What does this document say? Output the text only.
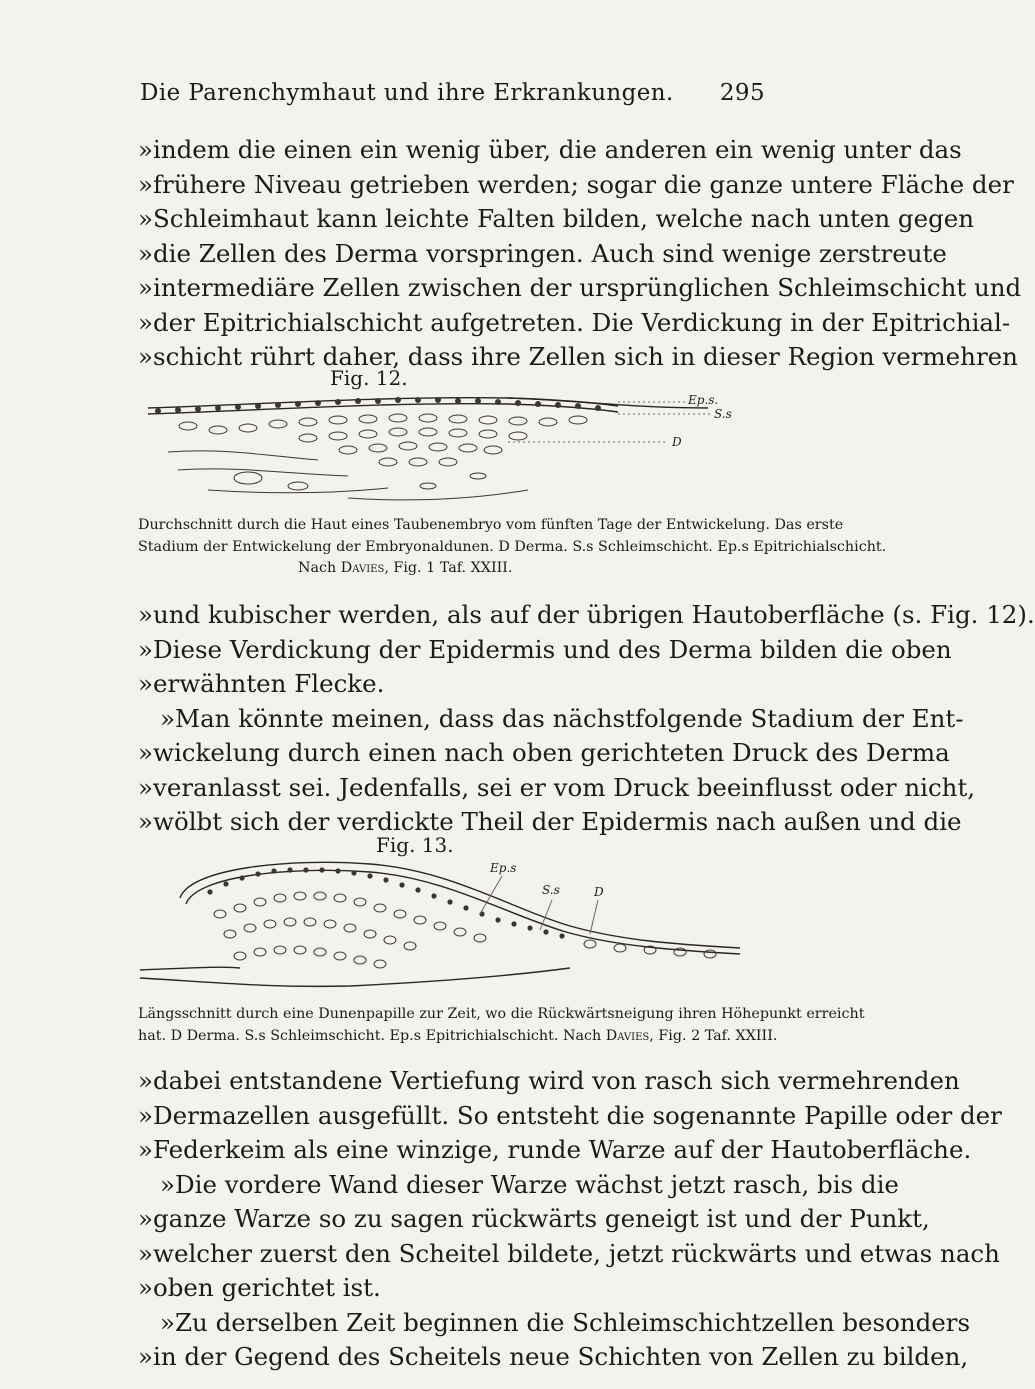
Die Parenchymhaut und ihre Erkrankungen. 295
»indem die einen ein wenig über, die anderen ein wenig unter das
»frühere Niveau getrieben werden; sogar die ganze untere Fläche der
»Schleimhaut kann leichte Falten bilden, welche nach unten gegen
»die Zellen des Derma vorspringen. Auch sind wenige zerstreute
»intermediäre Zellen zwischen der ursprünglichen Schleimschicht und
»der Epitrichialschicht aufgetreten. Die Verdickung in der Epitrichial-
»schicht rührt daher, dass ihre Zellen sich in dieser Region vermehren
Fig. 12.
Ep.s.
S.s
D
Durchschnitt durch die Haut eines Taubenembryo vom fünften Tage der Entwickelung. Das erste
Stadium der Entwickelung der Embryonaldunen. D Derma. S.s Schleimschicht. Ep.s Epitrichialschicht.
Nach Davies, Fig. 1 Taf. XXIII.
»und kubischer werden, als auf der übrigen Hautoberfläche (s. Fig. 12).
»Diese Verdickung der Epidermis und des Derma bilden die oben
»erwähnten Flecke.
»Man könnte meinen, dass das nächstfolgende Stadium der Ent-
»wickelung durch einen nach oben gerichteten Druck des Derma
»veranlasst sei. Jedenfalls, sei er vom Druck beeinflusst oder nicht,
»wölbt sich der verdickte Theil der Epidermis nach außen und die
Fig. 13.
Ep.s
S.s	D
Längsschnitt durch eine Dunenpapille zur Zeit, wo die Rückwärtsneigung ihren Höhepunkt erreicht
hat. D Derma. S.s Schleimschicht. Ep.s Epitrichialschicht. Nach Davies, Fig. 2 Taf. XXIII.
»dabei entstandene Vertiefung wird von rasch sich vermehrenden
»Dermazellen ausgefüllt. So entsteht die sogenannte Papille oder der
»Federkeim als eine winzige, runde Warze auf der Hautoberfläche.
»Die vordere Wand dieser Warze wächst jetzt rasch, bis die
»ganze Warze so zu sagen rückwärts geneigt ist und der Punkt,
»welcher zuerst den Scheitel bildete, jetzt rückwärts und etwas nach
»oben gerichtet ist.
»Zu derselben Zeit beginnen die Schleimschichtzellen besonders
»in der Gegend des Scheitels neue Schichten von Zellen zu bilden,
